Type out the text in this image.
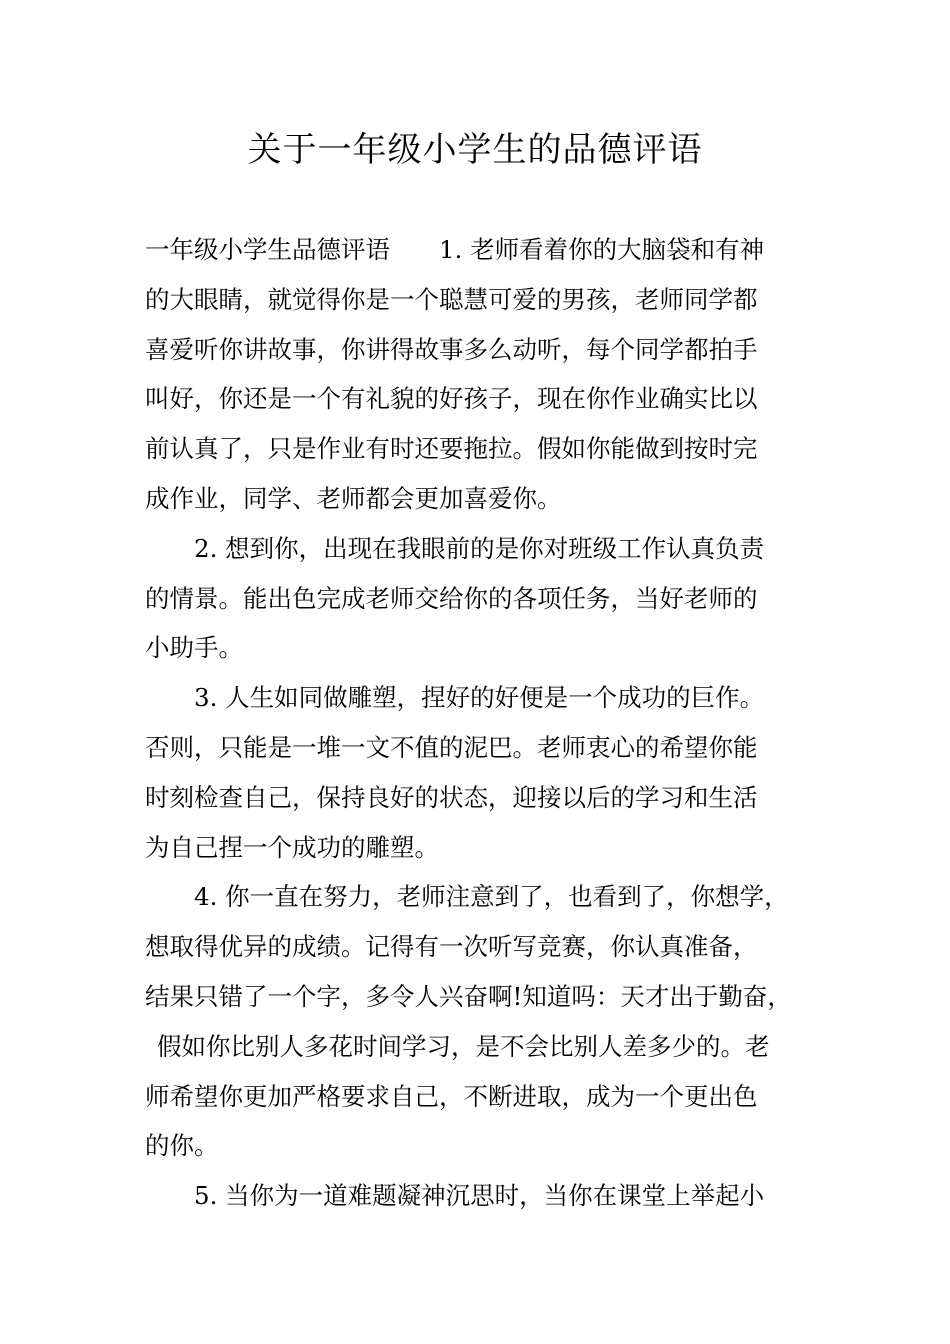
关于一年级小学生的品德评语
一年级小学生品德评语　　1. 老师看着你的大脑袋和有神
的大眼睛，就觉得你是一个聪慧可爱的男孩，老师同学都
喜爱听你讲故事，你讲得故事多么动听，每个同学都拍手
叫好，你还是一个有礼貌的好孩子，现在你作业确实比以
前认真了，只是作业有时还要拖拉。假如你能做到按时完
成作业，同学、老师都会更加喜爱你。
2. 想到你，出现在我眼前的是你对班级工作认真负责
的情景。能出色完成老师交给你的各项任务，当好老师的
小助手。
3. 人生如同做雕塑，捏好的好便是一个成功的巨作。
否则，只能是一堆一文不值的泥巴。老师衷心的希望你能
时刻检查自己，保持良好的状态，迎接以后的学习和生活
为自己捏一个成功的雕塑。
4. 你一直在努力，老师注意到了，也看到了，你想学，
想取得优异的成绩。记得有一次听写竞赛，你认真准备，
结果只错了一个字，多令人兴奋啊!知道吗：天才出于勤奋，
假如你比别人多花时间学习，是不会比别人差多少的。老
师希望你更加严格要求自己，不断进取，成为一个更出色
的你。
5. 当你为一道难题凝神沉思时，当你在课堂上举起小
